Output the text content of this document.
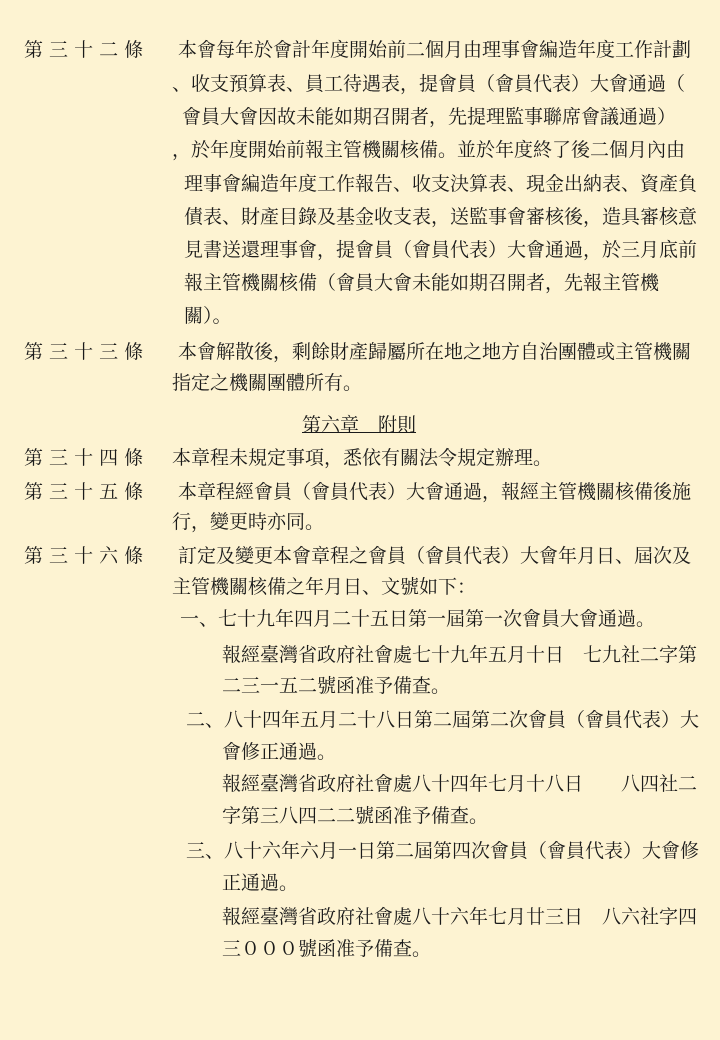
第 三 十 二 條 本會每年於會計年度開始前二個月由理事會編造年度工作計劃
、收支預算表、員工待遇表，提會員（會員代表）大會通過（
會員大會因故未能如期召開者，先提理監事聯席會議通過）
，於年度開始前報主管機關核備。並於年度終了後二個月內由
理事會編造年度工作報告、收支決算表、現金出納表、資產負
債表、財產目錄及基金收支表，送監事會審核後，造具審核意
見書送還理事會，提會員（會員代表）大會通過，於三月底前
報主管機關核備（會員大會未能如期召開者，先報主管機
關）。
第 三 十 三 條 本會解散後，剩餘財產歸屬所在地之地方自治團體或主管機關
指定之機關團體所有。
第六章　附則
第 三 十 四 條 本章程未規定事項，悉依有關法令規定辦理。
第 三 十 五 條 本章程經會員（會員代表）大會通過，報經主管機關核備後施
行，變更時亦同。
第 三 十 六 條 訂定及變更本會章程之會員（會員代表）大會年月日、屆次及
主管機關核備之年月日、文號如下：
一、七十九年四月二十五日第一屆第一次會員大會通過。
報經臺灣省政府社會處七十九年五月十日　七九社二字第
二三一五二號函准予備查。
二、八十四年五月二十八日第二屆第二次會員（會員代表）大
會修正通過。
報經臺灣省政府社會處八十四年七月十八日　　八四社二
字第三八四二二號函准予備查。
三、八十六年六月一日第二屆第四次會員（會員代表）大會修
正通過。
報經臺灣省政府社會處八十六年七月廿三日　八六社字四
三０００號函准予備查。
